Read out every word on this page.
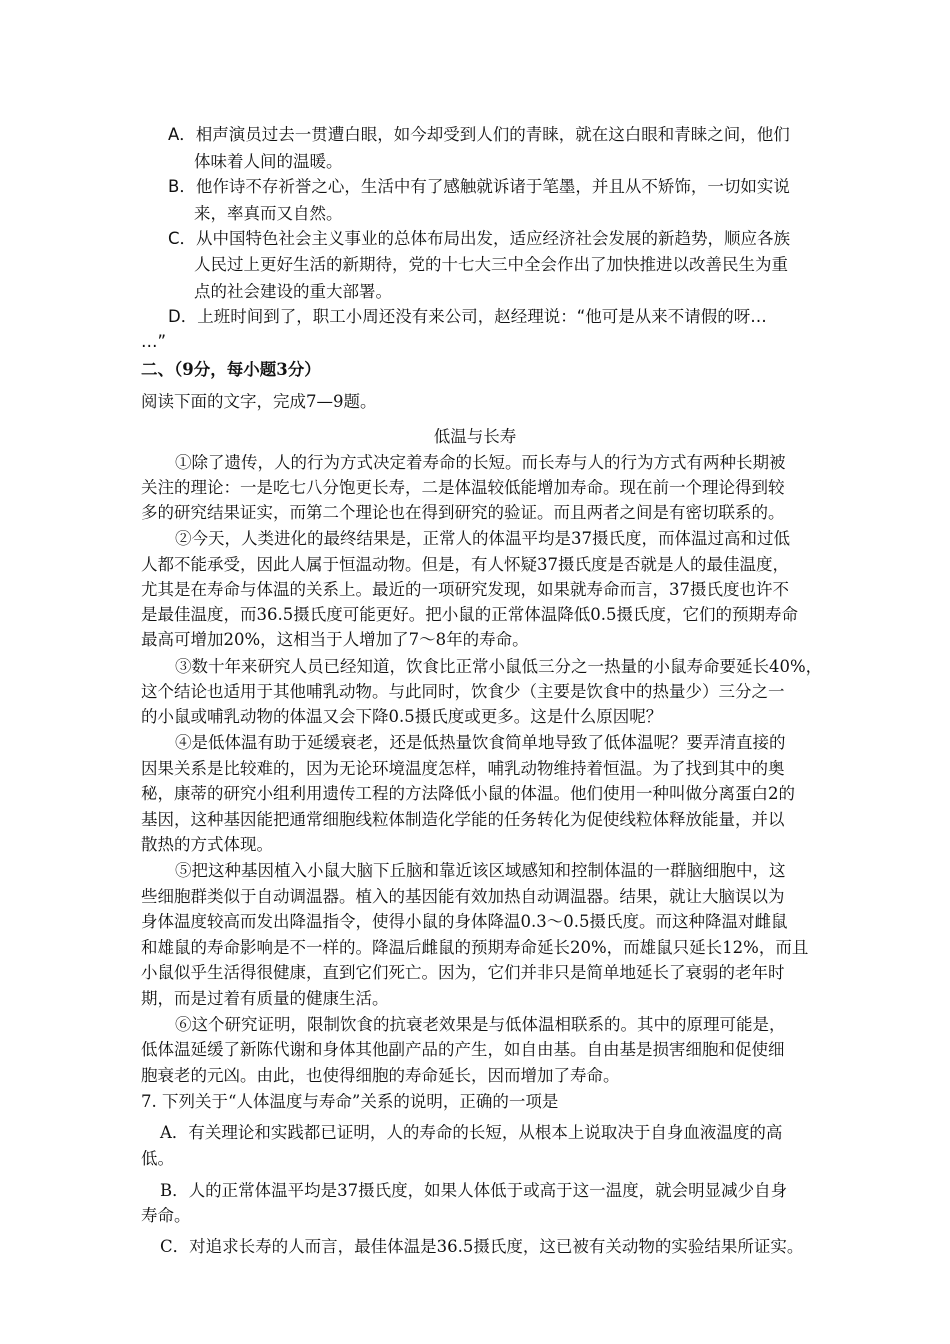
A．相声演员过去一贯遭白眼，如今却受到人们的青睐，就在这白眼和青睐之间，他们
体味着人间的温暖。
B．他作诗不存祈誉之心，生活中有了感触就诉诸于笔墨，并且从不矫饰，一切如实说
来，率真而又自然。
C．从中国特色社会主义事业的总体布局出发，适应经济社会发展的新趋势，顺应各族
人民过上更好生活的新期待，党的十七大三中全会作出了加快推进以改善民生为重
点的社会建设的重大部署。
D．上班时间到了，职工小周还没有来公司，赵经理说：“他可是从来不请假的呀…
…”
二、（9分，每小题3分）
阅读下面的文字，完成7—9题。
低温与长寿
①除了遗传，人的行为方式决定着寿命的长短。而长寿与人的行为方式有两种长期被
关注的理论：一是吃七八分饱更长寿，二是体温较低能增加寿命。现在前一个理论得到较
多的研究结果证实，而第二个理论也在得到研究的验证。而且两者之间是有密切联系的。
②今天，人类进化的最终结果是，正常人的体温平均是37摄氏度，而体温过高和过低
人都不能承受，因此人属于恒温动物。但是，有人怀疑37摄氏度是否就是人的最佳温度，
尤其是在寿命与体温的关系上。最近的一项研究发现，如果就寿命而言，37摄氏度也许不
是最佳温度，而36.5摄氏度可能更好。把小鼠的正常体温降低0.5摄氏度，它们的预期寿命
最高可增加20%，这相当于人增加了7～8年的寿命。
③数十年来研究人员已经知道，饮食比正常小鼠低三分之一热量的小鼠寿命要延长40%，
这个结论也适用于其他哺乳动物。与此同时，饮食少（主要是饮食中的热量少）三分之一
的小鼠或哺乳动物的体温又会下降0.5摄氏度或更多。这是什么原因呢？
④是低体温有助于延缓衰老，还是低热量饮食简单地导致了低体温呢？要弄清直接的
因果关系是比较难的，因为无论环境温度怎样，哺乳动物维持着恒温。为了找到其中的奥
秘，康蒂的研究小组利用遗传工程的方法降低小鼠的体温。他们使用一种叫做分离蛋白2的
基因，这种基因能把通常细胞线粒体制造化学能的任务转化为促使线粒体释放能量，并以
散热的方式体现。
⑤把这种基因植入小鼠大脑下丘脑和靠近该区域感知和控制体温的一群脑细胞中，这
些细胞群类似于自动调温器。植入的基因能有效加热自动调温器。结果，就让大脑误以为
身体温度较高而发出降温指令，使得小鼠的身体降温0.3～0.5摄氏度。而这种降温对雌鼠
和雄鼠的寿命影响是不一样的。降温后雌鼠的预期寿命延长20%，而雄鼠只延长12%，而且
小鼠似乎生活得很健康，直到它们死亡。因为，它们并非只是简单地延长了衰弱的老年时
期，而是过着有质量的健康生活。
⑥这个研究证明，限制饮食的抗衰老效果是与低体温相联系的。其中的原理可能是，
低体温延缓了新陈代谢和身体其他副产品的产生，如自由基。自由基是损害细胞和促使细
胞衰老的元凶。由此，也使得细胞的寿命延长，因而增加了寿命。
7. 下列关于“人体温度与寿命”关系的说明，正确的一项是
A．有关理论和实践都已证明，人的寿命的长短，从根本上说取决于自身血液温度的高
低。
B．人的正常体温平均是37摄氏度，如果人体低于或高于这一温度，就会明显减少自身
寿命。
C．对追求长寿的人而言，最佳体温是36.5摄氏度，这已被有关动物的实验结果所证实。
